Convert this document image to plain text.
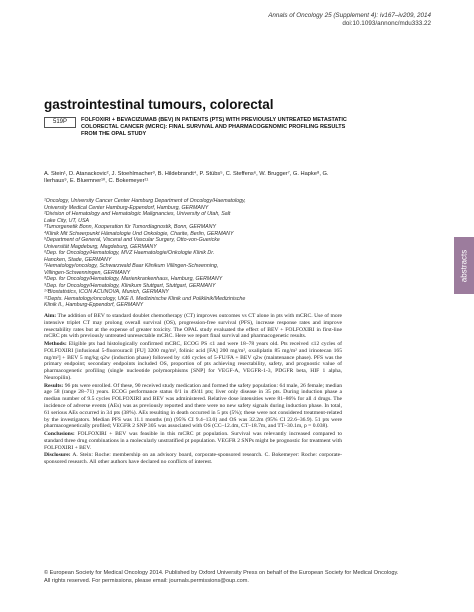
Annals of Oncology 25 (Supplement 4): iv167–iv209, 2014
doi:10.1093/annonc/mdu333.22
gastrointestinal tumours, colorectal
519P	FOLFOXIRI + BEVACIZUMAB (BEV) IN PATIENTS (PTS) WITH PREVIOUSLY UNTREATED METASTATIC COLORECTAL CANCER (MCRC): FINAL SURVIVAL AND PHARMACOGENOMIC PROFILING RESULTS FROM THE OPAL STUDY
A. Stein¹, D. Atanackovic², J. Stoehlmacher³, B. Hildebrandt⁴, P. Stübs⁵, C. Steffens⁶, W. Brugger⁷, G. Hapke⁸, G. Ilerhaus⁹, E. Bluemner¹⁰, C. Bokemeyer¹¹
¹Oncology, University Cancer Center Hamburg Department of Oncology/Haematology,
University Medical Center Hamburg-Eppendorf, Hamburg, GERMANY
²Division of Hematology and Hematologic Malignancies, University of Utah, Salt
Lake City, UT, USA
³Tumorgenetik Bonn, Kooperation für Tumordiagnostik, Bonn, GERMANY
⁴Klinik Mit Schwerpunkt Hämatologie Und Onkologie, Charite, Berlin, GERMANY
⁵Department of General, Visceral and Vascular Surgery, Otto-von-Guericke
Universität Magdeburg, Magdeburg, GERMANY
⁶Dep. for Oncology/Hematology, MVZ Haematologie/Onkologie Klinik Dr.
Hancken, Stade, GERMANY
⁷Hematology/oncology, Schwarzwald Baar Klinikum Villingen-Schwenning,
Villingen-Schwenningen, GERMANY
⁸Dep. for Oncology/Hematology, Marienkrankenhaus, Hamburg, GERMANY
⁹Dep. for Oncology/Hematology, Klinikum Stuttgart, Stuttgart, GERMANY
¹⁰Biostatistics, ICON ACUNOVA, Munich, GERMANY
¹¹Depts. Hematology/oncology, UKE II. Medizinische Klinik und Poliklinik/Medizinische
Klinik II., Hamburg-Eppendorf, GERMANY

Aim: The addition of BEV to standard doublet chemotherapy (CT) improves outcomes vs CT alone in pts with mCRC. Use of more intensive triplet CT may prolong overall survival (OS), progression-free survival (PFS), increase response rates and improve resectability rates but at the expense of greater toxicity. The OPAL study evaluated the effect of BEV + FOLFOXIRI in first-line mCRC pts with previously untreated unresectable mCRC. Here we report final survival and pharmacogenetic results.

Methods: Eligible pts had histologically confirmed mCRC, ECOG PS ≤1 and were 18–78 years old. Pts received ≤12 cycles of FOLFOXIRI [infusional 5-fluorouracil [FU] 3200 mg/m², folinic acid [FA] 200 mg/m², oxaliplatin 85 mg/m² and irinotecan 165 mg/m²] + BEV 5 mg/kg q2w (induction phase) followed by ≤46 cycles of 5-FU/FA + BEV q2w (maintenance phase). PFS was the primary endpoint; secondary endpoints included OS, proportion of pts achieving resectability, safety, and prognostic value of pharmacogenetic profiling (single nucleotide polymorphisms [SNP] for VEGF-A, VEGFR-1-3, PDGFR beta, HIF 1 alpha, Neuropilin).

Results: 96 pts were enrolled. Of these, 90 received study medication and formed the safety population: 64 male, 26 female; median age 58 (range 28–71) years. ECOG performance status 0/1 in 49/41 pts; liver only disease in 35 pts. During induction phase a median number of 9.5 cycles FOLFOXIRI and BEV was administered. Relative dose intensities were 81–86% for all 4 drugs. The incidence of adverse events (AEs) was as previously reported and there were no new safety signals during induction phase. In total, 61 serious AEs occurred in 34 pts (38%). AEs resulting in death occurred in 5 pts (5%); these were not considered treatment-related by the investigators. Median PFS was 11.1 months (m) (95% CI 9.4–13.0) and OS was 32.2m (95% CI 22.6–36.9). 51 pts were pharmacogenetically profiled; VEGFR 2 SNP 305 was associated with OS (CC–12.4m, CT–18.7m, and TT–30.1m, p = 0.038).

Conclusions: FOLFOXIRI + BEV was feasible in this mCRC pt population. Survival was relevantly increased compared to standard three drug combinations in a molecularly unstratified pt population. VEGFR 2 SNPs might be prognostic for treatment with FOLFOXIRI + BEV.

Disclosure: A. Stein: Roche: membership on an advisory board, corporate-sponsored research. C. Bokemeyer: Roche: corporate-sponsored research. All other authors have declared no conflicts of interest.

abstracts
© European Society for Medical Oncology 2014. Published by Oxford University Press on behalf of the European Society for Medical Oncology.
All rights reserved. For permissions, please email: journals.permissions@oup.com.
